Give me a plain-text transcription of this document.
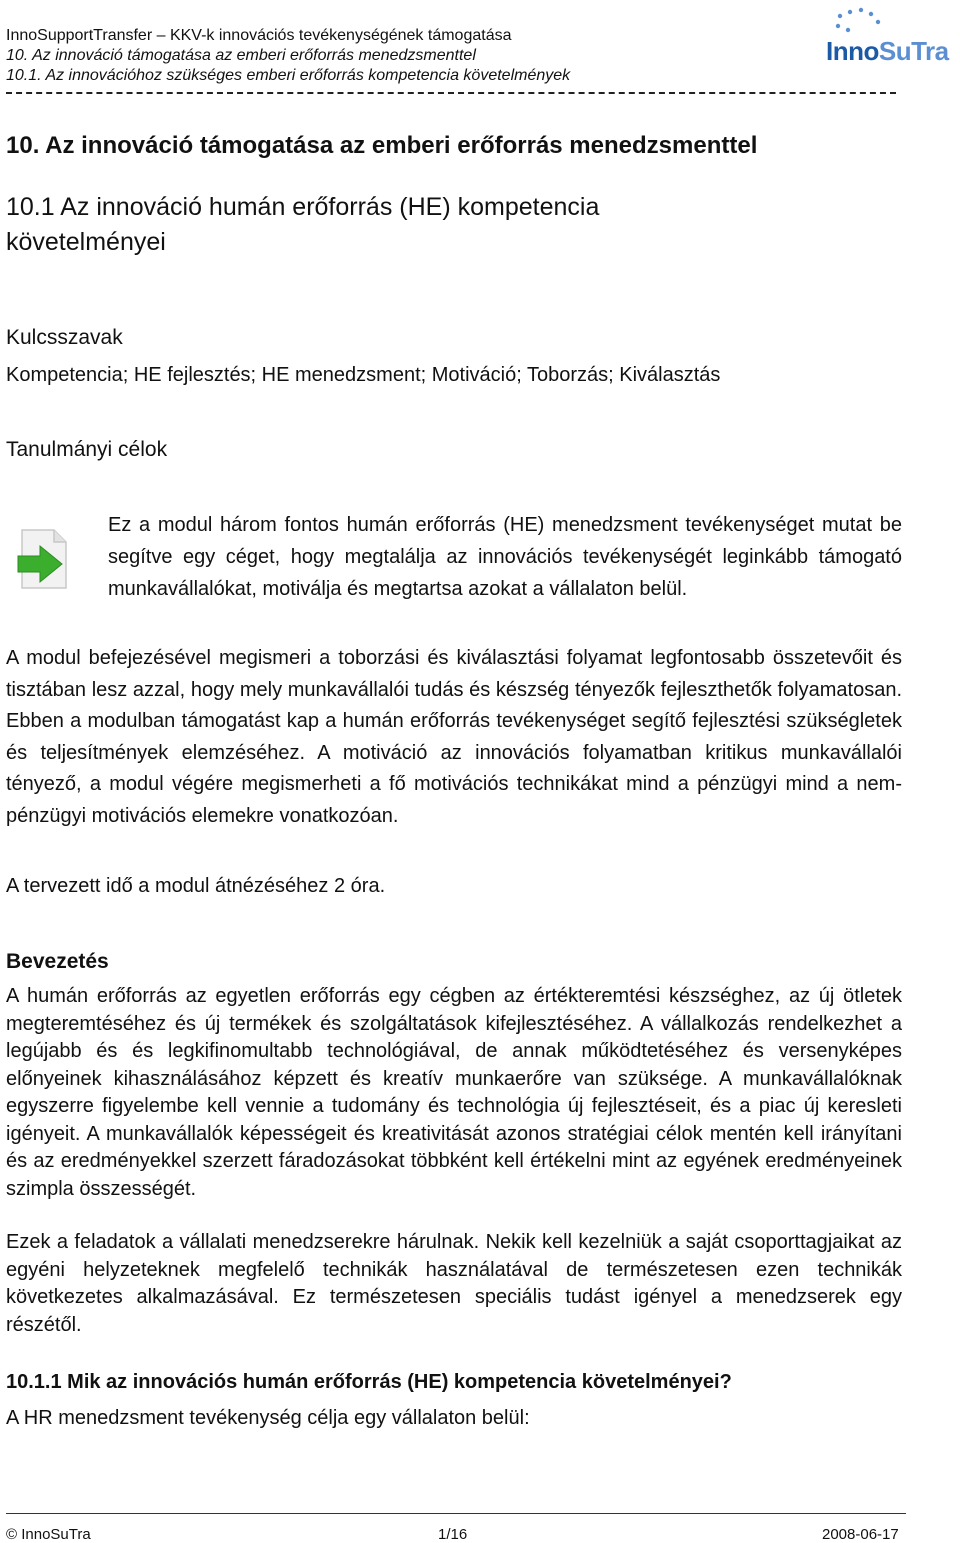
InnoSupportTransfer – KKV-k innovációs tevékenységének támogatása
10. Az innováció támogatása az emberi erőforrás menedzsmenttel
10.1. Az innovációhoz szükséges emberi erőforrás kompetencia követelmények
InnoSuTra
10. Az innováció támogatása az emberi erőforrás menedzsmenttel
10.1 Az innováció humán erőforrás (HE) kompetencia követelményei
Kulcsszavak
Kompetencia; HE fejlesztés; HE menedzsment; Motiváció; Toborzás; Kiválasztás
Tanulmányi célok
Ez a modul három fontos humán erőforrás (HE) menedzsment tevékenységet mutat be segítve egy céget, hogy megtalálja az innovációs tevékenységét leginkább támogató munkavállalókat, motiválja és megtartsa azokat a vállalaton belül.
A modul befejezésével megismeri a toborzási és kiválasztási folyamat legfontosabb összetevőit és tisztában lesz azzal, hogy mely munkavállalói tudás és készség tényezők fejleszthetők folyamatosan. Ebben a modulban támogatást kap a humán erőforrás tevékenységet segítő fejlesztési szükségletek és teljesítmények elemzéséhez. A motiváció az innovációs folyamatban kritikus munkavállalói tényező, a modul végére megismerheti a fő motivációs technikákat mind a pénzügyi mind a nem-pénzügyi motivációs elemekre vonatkozóan.
A tervezett idő a modul átnézéséhez 2 óra.
Bevezetés
A humán erőforrás az egyetlen erőforrás egy cégben az értékteremtési készséghez, az új ötletek megteremtéséhez és új termékek és szolgáltatások kifejlesztéséhez. A vállalkozás rendelkezhet a legújabb és és legkifinomultabb technológiával, de annak működtetéséhez és versenyképes előnyeinek kihasználásához képzett és kreatív munkaerőre van szüksége. A munkavállalóknak egyszerre figyelembe kell vennie a tudomány és technológia új fejlesztéseit, és a piac új keresleti igényeit. A munkavállalók képességeit és kreativitását azonos stratégiai célok mentén kell irányítani és az eredményekkel szerzett fáradozásokat többként kell értékelni mint az egyének eredményeinek szimpla összességét.
Ezek a feladatok a vállalati menedzserekre hárulnak. Nekik kell kezelniük a saját csoporttagjaikat az egyéni helyzeteknek megfelelő technikák használatával de természetesen ezen technikák következetes alkalmazásával. Ez természetesen speciális tudást igényel a menedzserek egy részétől.
10.1.1 Mik az innovációs humán erőforrás (HE) kompetencia követelményei?
A HR menedzsment tevékenység célja egy vállalaton belül:
© InnoSuTra	1/16	2008-06-17
